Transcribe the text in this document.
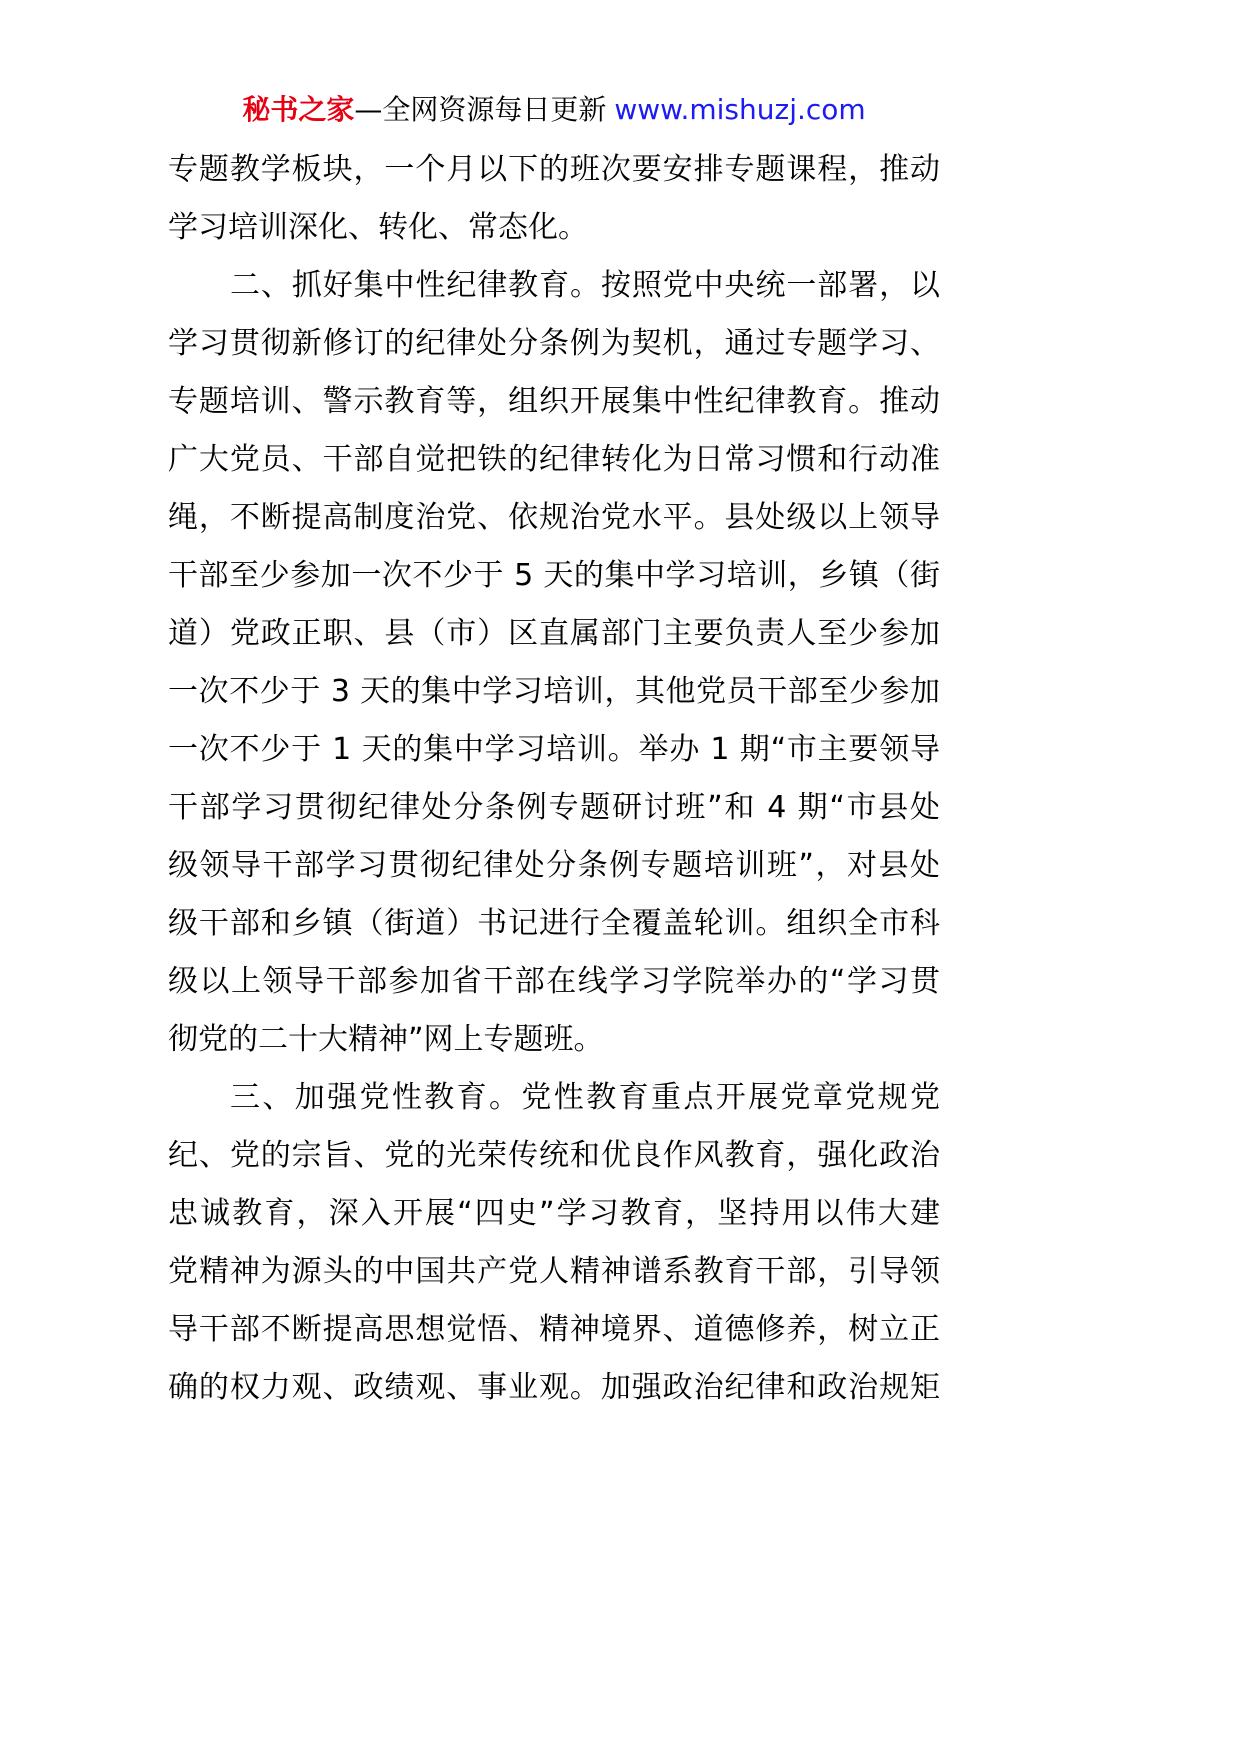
秘书之家—全网资源每日更新 www.mishuzj.com
专题教学板块，一个月以下的班次要安排专题课程，推动
学习培训深化、转化、常态化。
二、抓好集中性纪律教育。按照党中央统一部署，以
学习贯彻新修订的纪律处分条例为契机，通过专题学习、
专题培训、警示教育等，组织开展集中性纪律教育。推动
广大党员、干部自觉把铁的纪律转化为日常习惯和行动准
绳，不断提高制度治党、依规治党水平。县处级以上领导
干部至少参加一次不少于 5 天的集中学习培训，乡镇（街
道）党政正职、县（市）区直属部门主要负责人至少参加
一次不少于 3 天的集中学习培训，其他党员干部至少参加
一次不少于 1 天的集中学习培训。举办 1 期“市主要领导
干部学习贯彻纪律处分条例专题研讨班”和 4 期“市县处
级领导干部学习贯彻纪律处分条例专题培训班”，对县处
级干部和乡镇（街道）书记进行全覆盖轮训。组织全市科
级以上领导干部参加省干部在线学习学院举办的“学习贯
彻党的二十大精神”网上专题班。
三、加强党性教育。党性教育重点开展党章党规党
纪、党的宗旨、党的光荣传统和优良作风教育，强化政治
忠诚教育，深入开展“四史”学习教育，坚持用以伟大建
党精神为源头的中国共产党人精神谱系教育干部，引导领
导干部不断提高思想觉悟、精神境界、道德修养，树立正
确的权力观、政绩观、事业观。加强政治纪律和政治规矩
